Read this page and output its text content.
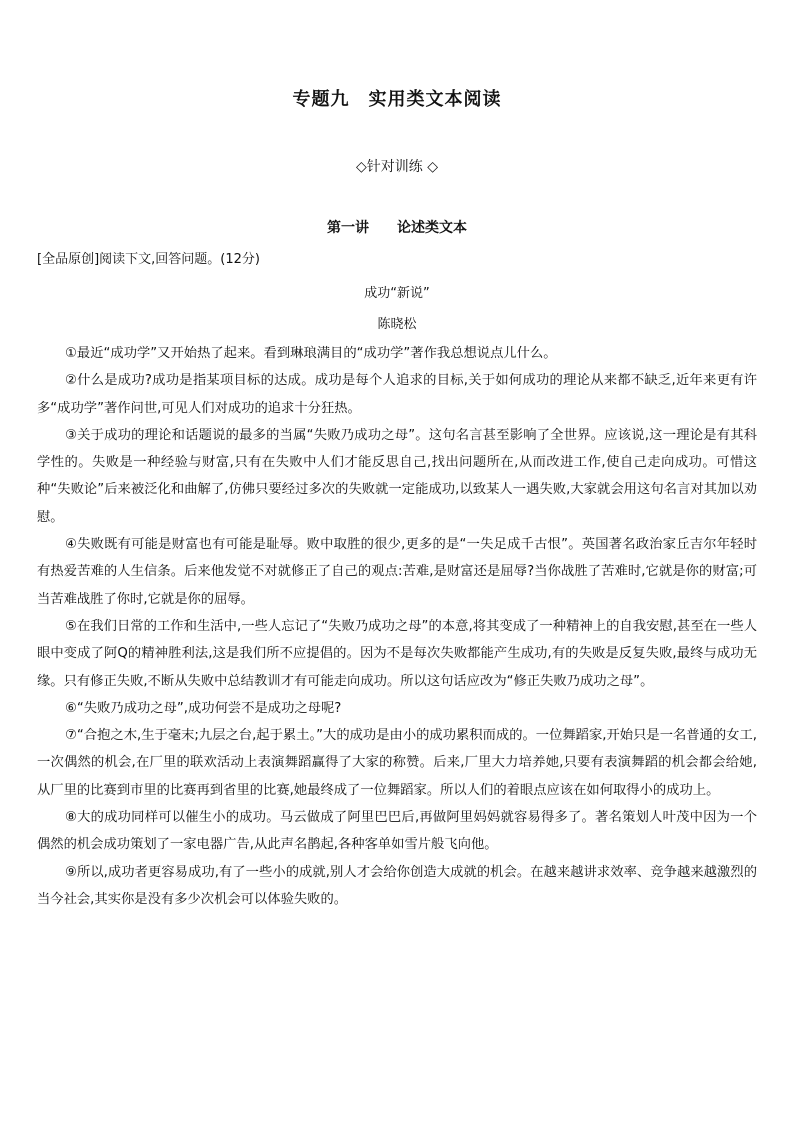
专题九　实用类文本阅读
◇针对训练 ◇
第一讲　　论述类文本
[全品原创]阅读下文,回答问题。(12分)
成功“新说”
陈晓松

①最近“成功学”又开始热了起来。看到琳琅满目的“成功学”著作我总想说点儿什么。

②什么是成功?成功是指某项目标的达成。成功是每个人追求的目标,关于如何成功的理论从来都不缺乏,近年来更有许多“成功学”著作问世,可见人们对成功的追求十分狂热。

③关于成功的理论和话题说的最多的当属“失败乃成功之母”。这句名言甚至影响了全世界。应该说,这一理论是有其科学性的。失败是一种经验与财富,只有在失败中人们才能反思自己,找出问题所在,从而改进工作,使自己走向成功。可惜这种“失败论”后来被泛化和曲解了,仿佛只要经过多次的失败就一定能成功,以致某人一遇失败,大家就会用这句名言对其加以劝慰。

④失败既有可能是财富也有可能是耻辱。败中取胜的很少,更多的是“一失足成千古恨”。英国著名政治家丘吉尔年轻时有热爱苦难的人生信条。后来他发觉不对就修正了自己的观点:苦难,是财富还是屈辱?当你战胜了苦难时,它就是你的财富;可当苦难战胜了你时,它就是你的屈辱。

⑤在我们日常的工作和生活中,一些人忘记了“失败乃成功之母”的本意,将其变成了一种精神上的自我安慰,甚至在一些人眼中变成了阿Q的精神胜利法,这是我们所不应提倡的。因为不是每次失败都能产生成功,有的失败是反复失败,最终与成功无缘。只有修正失败,不断从失败中总结教训才有可能走向成功。所以这句话应改为“修正失败乃成功之母”。

⑥“失败乃成功之母”,成功何尝不是成功之母呢?

⑦“合抱之木,生于毫末;九层之台,起于累土。”大的成功是由小的成功累积而成的。一位舞蹈家,开始只是一名普通的女工,一次偶然的机会,在厂里的联欢活动上表演舞蹈赢得了大家的称赞。后来,厂里大力培养她,只要有表演舞蹈的机会都会给她,从厂里的比赛到市里的比赛再到省里的比赛,她最终成了一位舞蹈家。所以人们的着眼点应该在如何取得小的成功上。

⑧大的成功同样可以催生小的成功。马云做成了阿里巴巴后,再做阿里妈妈就容易得多了。著名策划人叶茂中因为一个偶然的机会成功策划了一家电器广告,从此声名鹊起,各种客单如雪片般飞向他。

⑨所以,成功者更容易成功,有了一些小的成就,别人才会给你创造大成就的机会。在越来越讲求效率、竞争越来越激烈的当今社会,其实你是没有多少次机会可以体验失败的。
